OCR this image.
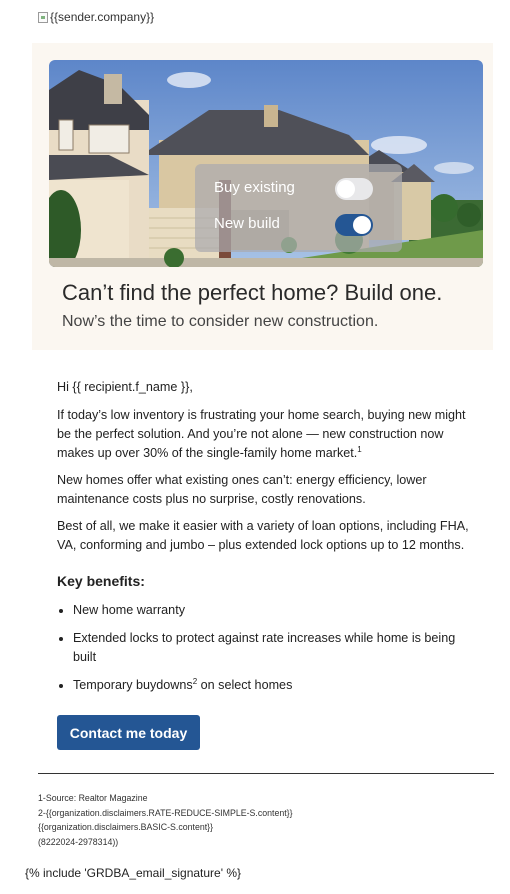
{{sender.company}}
Buy existing
New build
Can’t find the perfect home? Build one.
Now’s the time to consider new construction.

Hi {{ recipient.f_name }},

If today’s low inventory is frustrating your home search, buying new might be the perfect solution. And you’re not alone — new construction now makes up over 30% of the single-family home market.$^1$

New homes offer what existing ones can’t: energy efficiency, lower maintenance costs plus no surprise, costly renovations.

Best of all, we make it easier with a variety of loan options, including FHA, VA, conforming and jumbo – plus extended lock options up to 12 months.

Key benefits:
• New home warranty
• Extended locks to protect against rate increases while home is being built
• Temporary buydowns$^2$ on select homes
Contact me today
1-Source: Realtor Magazine
2-{{organization.disclaimers.RATE-REDUCE-SIMPLE-S.content}}
{{organization.disclaimers.BASIC-S.content}}
(8222024-2978314))
{% include 'GRDBA_email_signature' %}
